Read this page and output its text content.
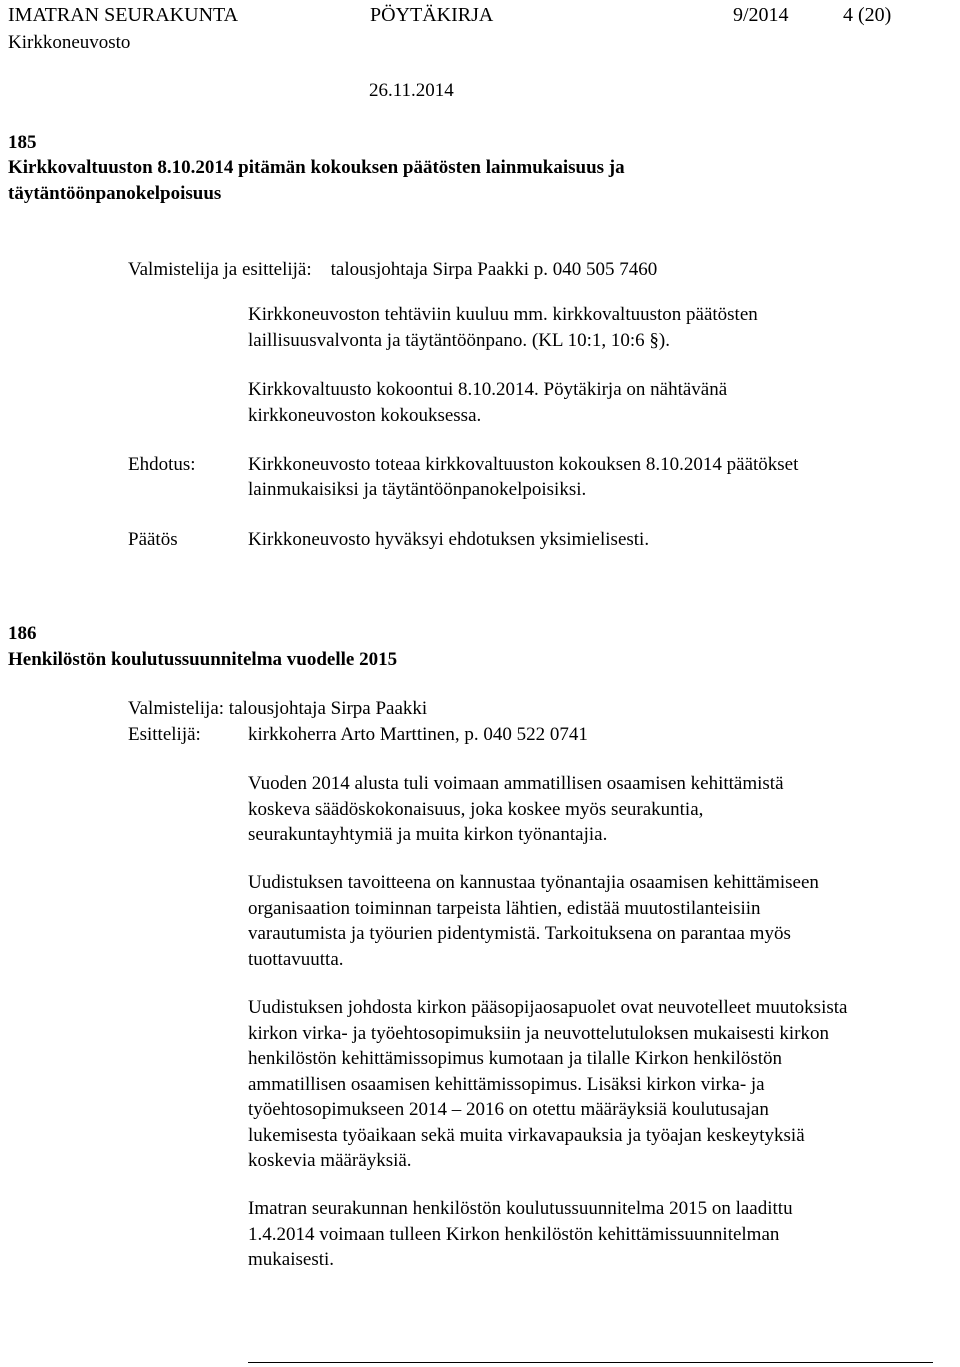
IMATRAN SEURAKUNTA	PÖYTÄKIRJA	9/2014	4 (20)
Kirkkoneuvosto
26.11.2014
185
Kirkkovaltuuston 8.10.2014 pitämän kokouksen päätösten lainmukaisuus ja
täytäntöönpanokelpoisuus
Valmistelija ja esittelijä:    talousjohtaja Sirpa Paakki p. 040 505 7460
Kirkkoneuvoston tehtäviin kuuluu mm. kirkkovaltuuston päätösten
laillisuusvalvonta ja täytäntöönpano. (KL 10:1, 10:6 §).
Kirkkovaltuusto kokoontui 8.10.2014. Pöytäkirja on nähtävänä
kirkkoneuvoston kokouksessa.
Ehdotus:	Kirkkoneuvosto toteaa kirkkovaltuuston kokouksen 8.10.2014 päätökset
lainmukaisiksi ja täytäntöönpanokelpoisiksi.
Päätös	Kirkkoneuvosto hyväksyi ehdotuksen yksimielisesti.
186
Henkilöstön koulutussuunnitelma vuodelle 2015
Valmistelija: talousjohtaja Sirpa Paakki
Esittelijä: kirkkoherra Arto Marttinen, p. 040 522 0741

Vuoden 2014 alusta tuli voimaan ammatillisen osaamisen kehittämistä

koskeva säädöskokonaisuus, joka koskee myös seurakuntia,

seurakuntayhtymiä ja muita kirkon työnantajia.

Uudistuksen tavoitteena on kannustaa työnantajia osaamisen kehittämiseen

organisaation toiminnan tarpeista lähtien, edistää muutostilanteisiin

varautumista ja työurien pidentymistä. Tarkoituksena on parantaa myös

tuottavuutta.

Uudistuksen johdosta kirkon pääsopijaosapuolet ovat neuvotelleet muutoksista

kirkon virka- ja työehtosopimuksiin ja neuvottelutuloksen mukaisesti kirkon

henkilöstön kehittämissopimus kumotaan ja tilalle Kirkon henkilöstön

ammatillisen osaamisen kehittämissopimus. Lisäksi kirkon virka- ja

työehtosopimukseen 2014 – 2016 on otettu määräyksiä koulutusajan

lukemisesta työaikaan sekä muita virkavapauksia ja työajan keskeytyksiä

koskevia määräyksiä.

Imatran seurakunnan henkilöstön koulutussuunnitelma 2015 on laadittu

1.4.2014 voimaan tulleen Kirkon henkilöstön kehittämissuunnitelman

mukaisesti.
